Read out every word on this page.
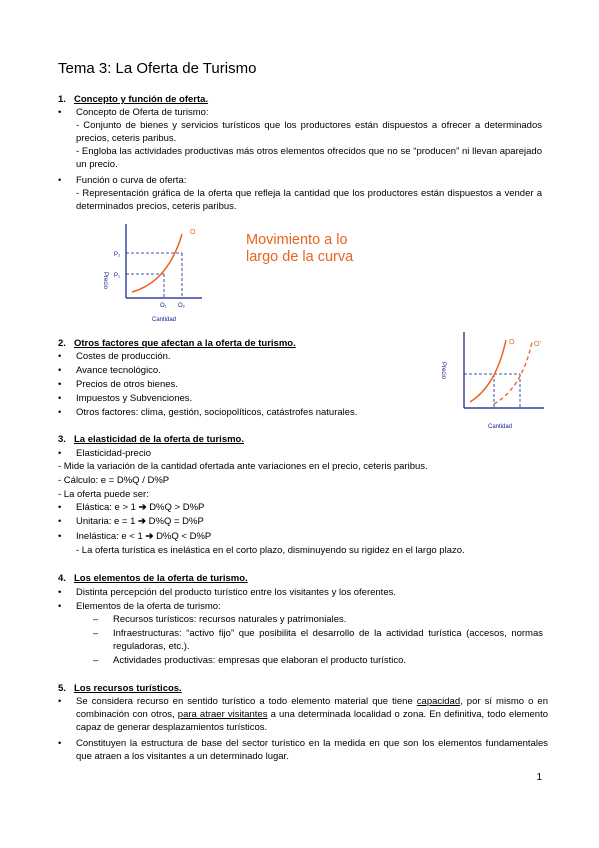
Tema 3: La Oferta de Turismo
1. Concepto y función de oferta.
• Concepto de Oferta de turismo:
- Conjunto de bienes y servicios turísticos que los productores están dispuestos a ofrecer a determinados precios, ceteris paribus.
- Engloba las actividades productivas más otros elementos ofrecidos que no se “producen” ni llevan aparejado un precio.
• Función o curva de oferta:
- Representación gráfica de la oferta que refleja la cantidad que los productores están dispuestos a vender a determinados precios, ceteris paribus.
O
P₂
P₁
O₁ O₂
Cantidad
Precio
Movimiento a lo
largo de la curva
2. Otros factores que afectan a la oferta de turismo.
• Costes de producción.
• Avance tecnológico.
• Precios de otros bienes.
• Impuestos y Subvenciones.
• Otros factores: clima, gestión, sociopolíticos, catástrofes naturales.
O	O'
Cantidad
Precio
3. La elasticidad de la oferta de turismo.
• Elasticidad-precio
- Mide la variación de la cantidad ofertada ante variaciones en el precio, ceteris paribus.
- Cálculo: e = D%Q / D%P
- La oferta puede ser:
• Elástica: e > 1 ➔ D%Q > D%P
• Unitaria: e = 1 ➔ D%Q = D%P
• Inelástica: e < 1 ➔ D%Q < D%P
- La oferta turística es inelástica en el corto plazo, disminuyendo su rigidez en el largo plazo.
4. Los elementos de la oferta de turismo.
• Distinta percepción del producto turístico entre los visitantes y los oferentes.
• Elementos de la oferta de turismo:
– Recursos turísticos: recursos naturales y patrimoniales.
– Infraestructuras: “activo fijo” que posibilita el desarrollo de la actividad turística (accesos, normas reguladoras, etc.).
– Actividades productivas: empresas que elaboran el producto turístico.
5. Los recursos turísticos.
• Se considera recurso en sentido turístico a todo elemento material que tiene capacidad, por sí mismo o en combinación con otros, para atraer visitantes a una determinada localidad o zona. En definitiva, todo elemento capaz de generar desplazamientos turísticos.
• Constituyen la estructura de base del sector turístico en la medida en que son los elementos fundamentales que atraen a los visitantes a un determinado lugar.
1
